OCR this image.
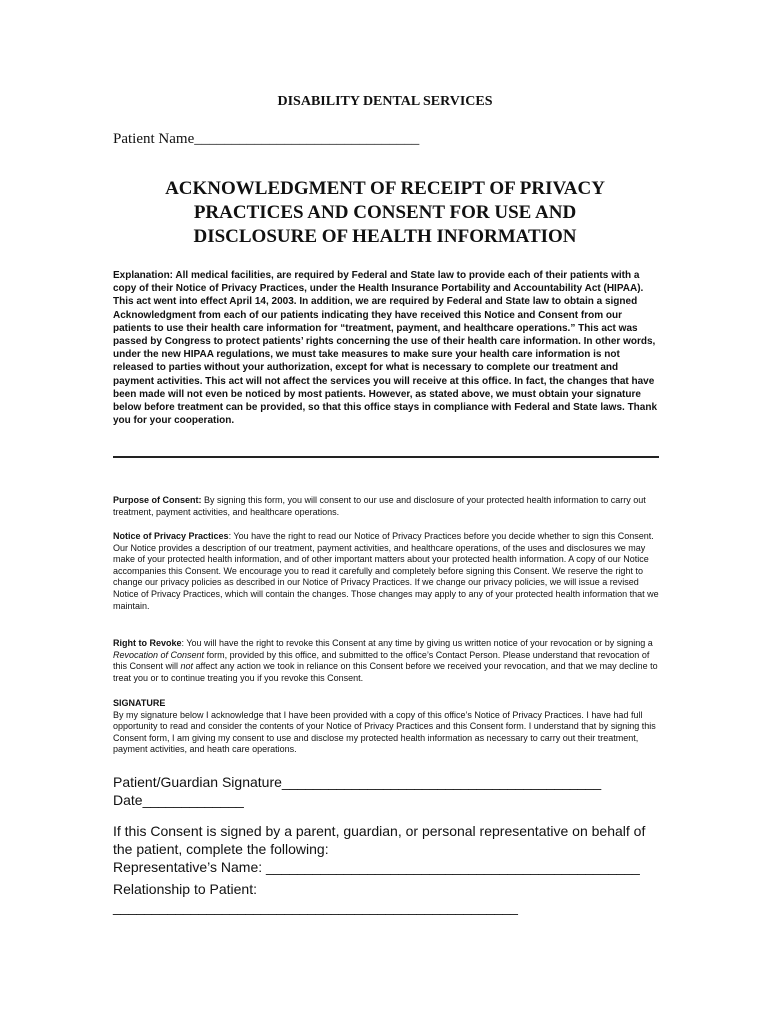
DISABILITY DENTAL SERVICES
Patient Name______________________________
ACKNOWLEDGMENT OF RECEIPT OF PRIVACY
PRACTICES AND CONSENT FOR USE AND
DISCLOSURE OF HEALTH INFORMATION
Explanation: All medical facilities, are required by Federal and State law to provide each of their patients with a copy of their Notice of Privacy Practices, under the Health Insurance Portability and Accountability Act (HIPAA). This act went into effect April 14, 2003. In addition, we are required by Federal and State law to obtain a signed Acknowledgment from each of our patients indicating they have received this Notice and Consent from our patients to use their health care information for “treatment, payment, and healthcare operations.” This act was passed by Congress to protect patients’ rights concerning the use of their health care information. In other words, under the new HIPAA regulations, we must take measures to make sure your health care information is not released to parties without your authorization, except for what is necessary to complete our treatment and payment activities. This act will not affect the services you will receive at this office. In fact, the changes that have been made will not even be noticed by most patients. However, as stated above, we must obtain your signature below before treatment can be provided, so that this office stays in compliance with Federal and State laws. Thank you for your cooperation.
Purpose of Consent: By signing this form, you will consent to our use and disclosure of your protected health information to carry out treatment, payment activities, and healthcare operations.
Notice of Privacy Practices: You have the right to read our Notice of Privacy Practices before you decide whether to sign this Consent. Our Notice provides a description of our treatment, payment activities, and healthcare operations, of the uses and disclosures we may make of your protected health information, and of other important matters about your protected health information. A copy of our Notice accompanies this Consent. We encourage you to read it carefully and completely before signing this Consent. We reserve the right to change our privacy policies as described in our Notice of Privacy Practices. If we change our privacy policies, we will issue a revised Notice of Privacy Practices, which will contain the changes. Those changes may apply to any of your protected health information that we maintain.
Right to Revoke: You will have the right to revoke this Consent at any time by giving us written notice of your revocation or by signing a Revocation of Consent form, provided by this office, and submitted to the office’s Contact Person. Please understand that revocation of this Consent will not affect any action we took in reliance on this Consent before we received your revocation, and that we may decline to treat you or to continue treating you if you revoke this Consent.
SIGNATURE
By my signature below I acknowledge that I have been provided with a copy of this office’s Notice of Privacy Practices. I have had full opportunity to read and consider the contents of your Notice of Privacy Practices and this Consent form. I understand that by signing this Consent form, I am giving my consent to use and disclose my protected health information as necessary to carry out their treatment, payment activities, and heath care operations.
Patient/Guardian Signature_________________________________________
Date_____________
If this Consent is signed by a parent, guardian, or personal representative on behalf of the patient, complete the following:
Representative’s Name: ________________________________________________
Relationship to Patient:
____________________________________________________
